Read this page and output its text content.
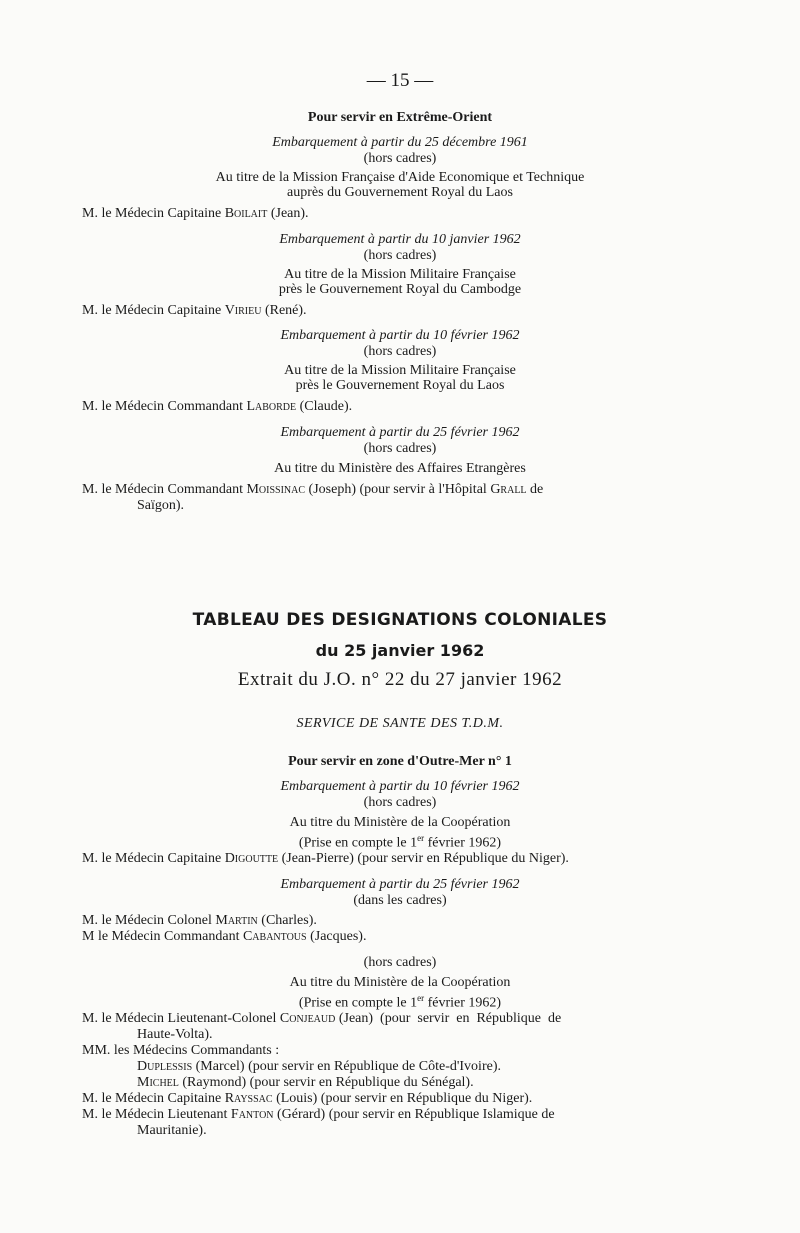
— 15 —
Pour servir en Extrême-Orient
Embarquement à partir du 25 décembre 1961
(hors cadres)
Au titre de la Mission Française d'Aide Economique et Technique
auprès du Gouvernement Royal du Laos
M. le Médecin Capitaine Boilait (Jean).
Embarquement à partir du 10 janvier 1962
(hors cadres)
Au titre de la Mission Militaire Française
près le Gouvernement Royal du Cambodge
M. le Médecin Capitaine Virieu (René).
Embarquement à partir du 10 février 1962
(hors cadres)
Au titre de la Mission Militaire Française
près le Gouvernement Royal du Laos
M. le Médecin Commandant Laborde (Claude).
Embarquement à partir du 25 février 1962
(hors cadres)
Au titre du Ministère des Affaires Etrangères
M. le Médecin Commandant Moissinac (Joseph) (pour servir à l'Hôpital Grall de
Saïgon).
TABLEAU DES DESIGNATIONS COLONIALES
du 25 janvier 1962
Extrait du J.O. n° 22 du 27 janvier 1962
SERVICE DE SANTE DES T.D.M.
Pour servir en zone d'Outre-Mer n° 1
Embarquement à partir du 10 février 1962
(hors cadres)
Au titre du Ministère de la Coopération
(Prise en compte le 1er février 1962)
M. le Médecin Capitaine Digoutte (Jean-Pierre) (pour servir en République du Niger).
Embarquement à partir du 25 février 1962
(dans les cadres)
M. le Médecin Colonel Martin (Charles).
M le Médecin Commandant Cabantous (Jacques).
(hors cadres)
Au titre du Ministère de la Coopération
(Prise en compte le 1er février 1962)
M. le Médecin Lieutenant-Colonel Conjeaud (Jean)  (pour  servir  en  République  de
Haute-Volta).
MM. les Médecins Commandants :
Duplessis (Marcel) (pour servir en République de Côte-d'Ivoire).
Michel (Raymond) (pour servir en République du Sénégal).
M. le Médecin Capitaine Rayssac (Louis) (pour servir en République du Niger).
M. le Médecin Lieutenant Fanton (Gérard) (pour servir en République Islamique de
Mauritanie).
